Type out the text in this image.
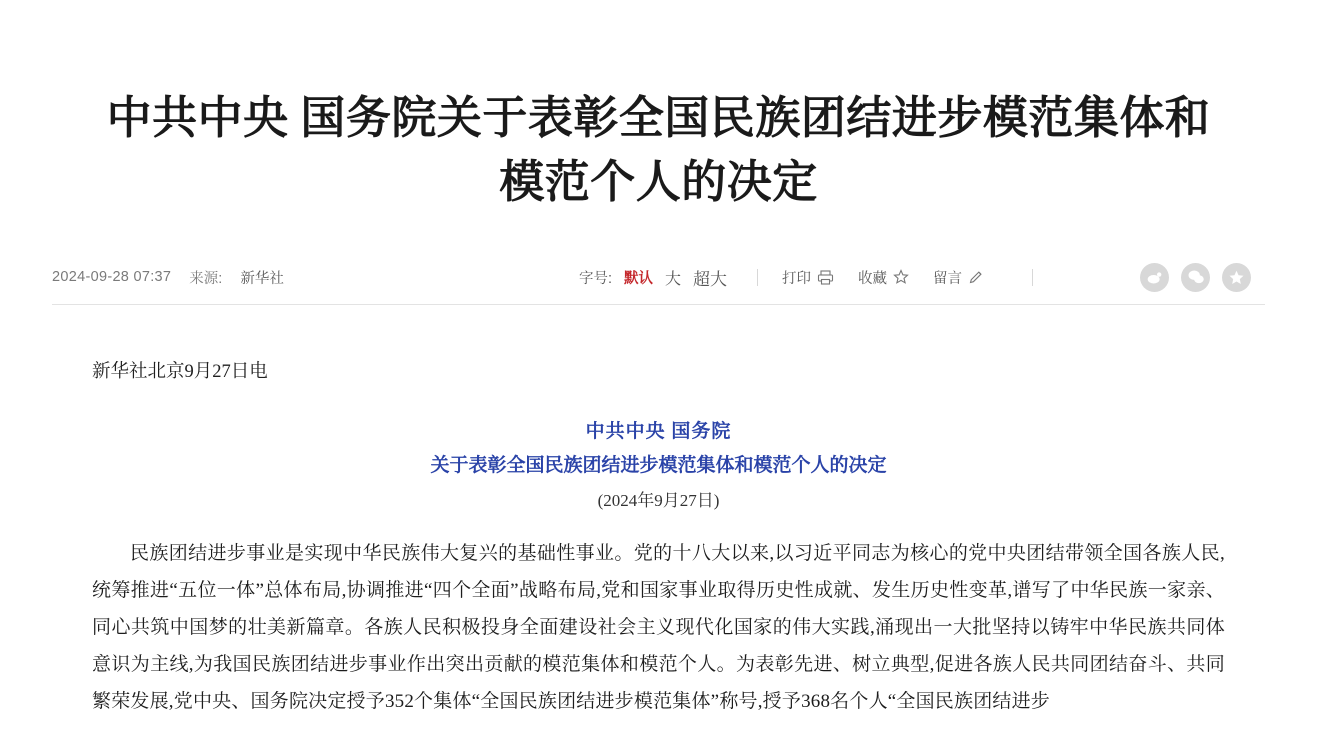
中共中央 国务院关于表彰全国民族团结进步模范集体和模范个人的决定
2024-09-28 07:37 来源: 新华社	字号: 默认 大 超大	打印	收藏	留言
新华社北京9月27日电
中共中央 国务院
关于表彰全国民族团结进步模范集体和模范个人的决定
(2024年9月27日)

民族团结进步事业是实现中华民族伟大复兴的基础性事业。党的十八大以来,以习近平同志为核心的党中央团结带领全国各族人民,统筹推进“五位一体”总体布局,协调推进“四个全面”战略布局,党和国家事业取得历史性成就、发生历史性变革,谱写了中华民族一家亲、同心共筑中国梦的壮美新篇章。各族人民积极投身全面建设社会主义现代化国家的伟大实践,涌现出一大批坚持以铸牢中华民族共同体意识为主线,为我国民族团结进步事业作出突出贡献的模范集体和模范个人。为表彰先进、树立典型,促进各族人民共同团结奋斗、共同繁荣发展,党中央、国务院决定授予352个集体“全国民族团结进步模范集体”称号,授予368名个人“全国民族团结进步
